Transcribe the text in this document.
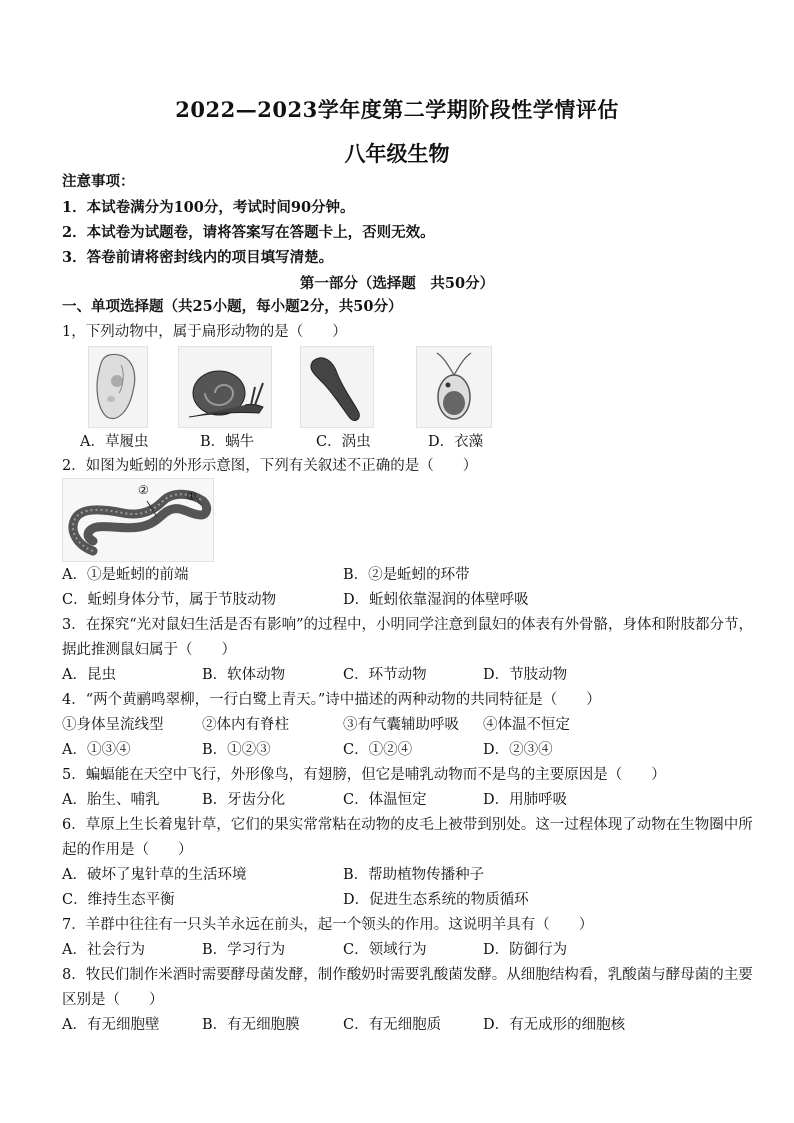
2022—2023学年度第二学期阶段性学情评估
八年级生物
注意事项：
1．本试卷满分为100分，考试时间90分钟。
2．本试卷为试题卷，请将答案写在答题卡上，否则无效。
3．答卷前请将密封线内的项目填写清楚。
第一部分（选择题　共50分）
一、单项选择题（共25小题，每小题2分，共50分）
1，下列动物中，属于扁形动物的是（　　）
A．草履虫	B．蜗牛	C．涡虫	D．衣藻
2．如图为蚯蚓的外形示意图，下列有关叙述不正确的是（　　）
②	①
A．①是蚯蚓的前端	B．②是蚯蚓的环带
C．蚯蚓身体分节，属于节肢动物	D．蚯蚓依靠湿润的体壁呼吸
3．在探究“光对鼠妇生活是否有影响”的过程中，小明同学注意到鼠妇的体表有外骨骼，身体和附肢都分节，
据此推测鼠妇属于（　　）
A．昆虫	B．软体动物	C．环节动物	D．节肢动物
4．“两个黄鹂鸣翠柳，一行白鹭上青天。”诗中描述的两种动物的共同特征是（　　）
①身体呈流线型	②体内有脊柱	③有气囊辅助呼吸 ④体温不恒定
A．①③④	B．①②③	C．①②④	D．②③④
5．蝙蝠能在天空中飞行，外形像鸟，有翅膀，但它是哺乳动物而不是鸟的主要原因是（　　）
A．胎生、哺乳	B．牙齿分化	C．体温恒定	D．用肺呼吸
6．草原上生长着鬼针草，它们的果实常常粘在动物的皮毛上被带到别处。这一过程体现了动物在生物圈中所
起的作用是（　　）
A．破坏了鬼针草的生活环境	B．帮助植物传播种子
C．维持生态平衡	D．促进生态系统的物质循环
7．羊群中往往有一只头羊永远在前头，起一个领头的作用。这说明羊具有（　　）
A．社会行为	B．学习行为	C．领域行为	D．防御行为
8．牧民们制作米酒时需要酵母菌发酵，制作酸奶时需要乳酸菌发酵。从细胞结构看，乳酸菌与酵母菌的主要
区别是（　　）
A．有无细胞壁	B．有无细胞膜	C．有无细胞质	D．有无成形的细胞核
